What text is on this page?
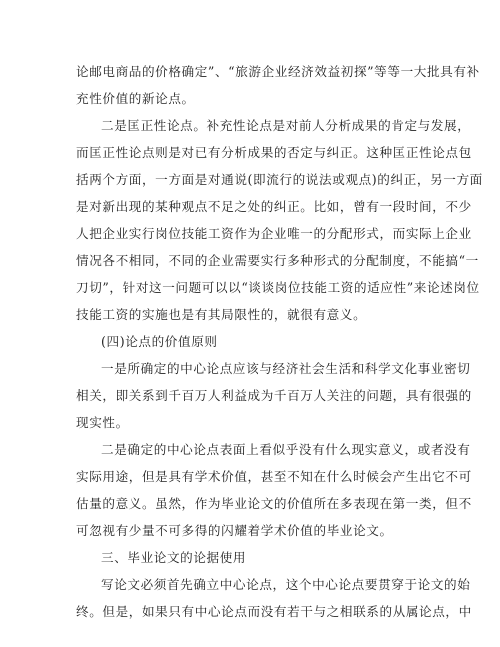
论邮电商品的价格确定”、“旅游企业经济效益初探”等等一大批具有补
充性价值的新论点。
二是匡正性论点。补充性论点是对前人分析成果的肯定与发展，
而匡正性论点则是对已有分析成果的否定与纠正。这种匡正性论点包
括两个方面，一方面是对通说(即流行的说法或观点)的纠正，另一方面
是对新出现的某种观点不足之处的纠正。比如，曾有一段时间，不少
人把企业实行岗位技能工资作为企业唯一的分配形式，而实际上企业
情况各不相同，不同的企业需要实行多种形式的分配制度，不能搞“一
刀切”，针对这一问题可以以“谈谈岗位技能工资的适应性”来论述岗位
技能工资的实施也是有其局限性的，就很有意义。
(四)论点的价值原则
一是所确定的中心论点应该与经济社会生活和科学文化事业密切
相关，即关系到千百万人利益成为千百万人关注的问题，具有很强的
现实性。
二是确定的中心论点表面上看似乎没有什么现实意义，或者没有
实际用途，但是具有学术价值，甚至不知在什么时候会产生出它不可
估量的意义。虽然，作为毕业论文的价值所在多表现在第一类，但不
可忽视有少量不可多得的闪耀着学术价值的毕业论文。
三、毕业论文的论据使用
写论文必须首先确立中心论点，这个中心论点要贯穿于论文的始
终。但是，如果只有中心论点而没有若干与之相联系的从属论点，中
